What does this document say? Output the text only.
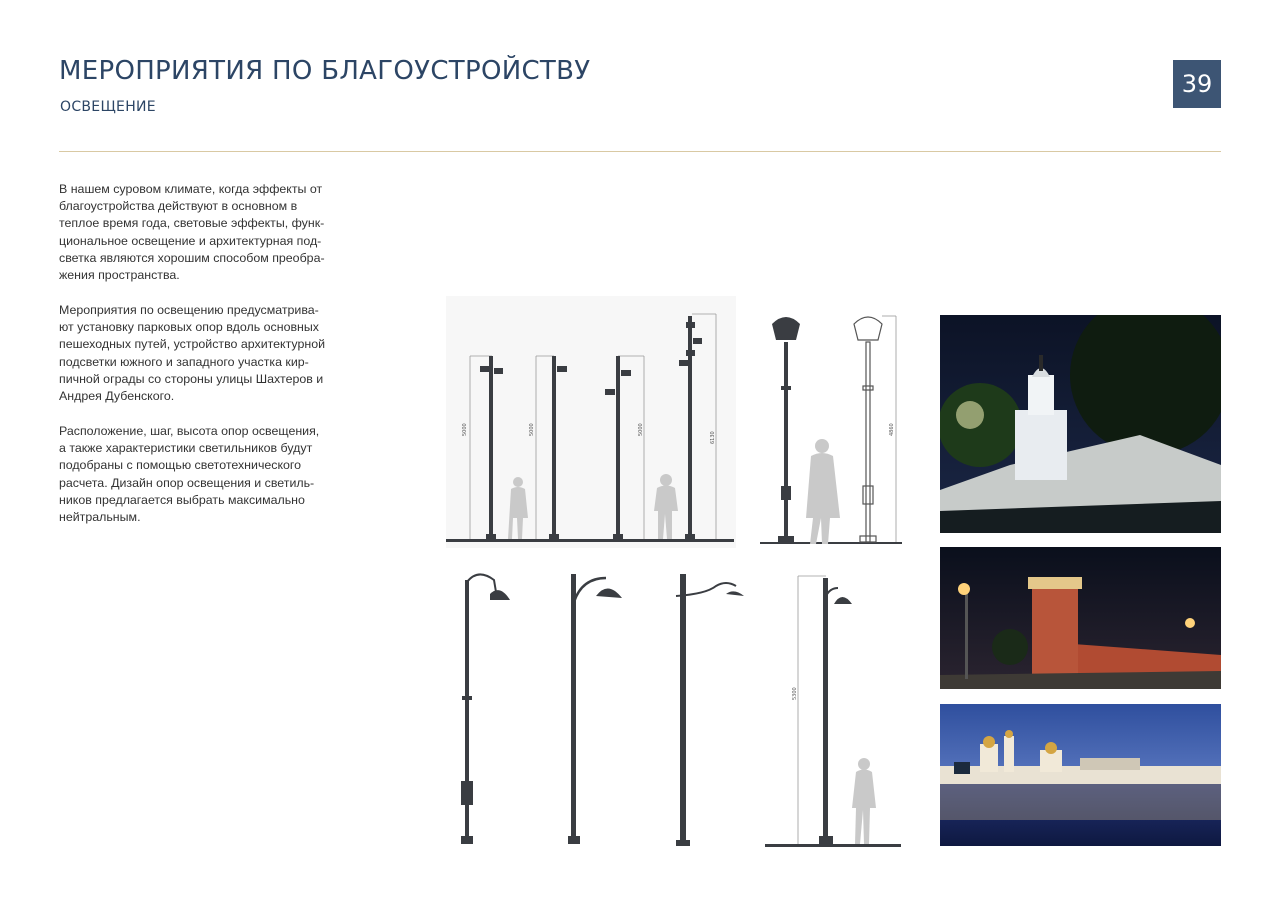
МЕРОПРИЯТИЯ ПО БЛАГОУСТРОЙСТВУ
ОСВЕЩЕНИЕ
39

В нашем суровом климате, когда эффекты от
благоустройства действуют в основном в
теплое время года, световые эффекты, функ-
циональное освещение и архитектурная под-
светка являются хорошим способом преобра-
жения пространства.

Мероприятия по освещению предусматрива-
ют установку парковых опор вдоль основных
пешеходных путей, устройство архитектурной
подсветки южного и западного участка кир-
пичной ограды со стороны улицы Шахтеров и
Андрея Дубенского.

Расположение, шаг, высота опор освещения,
а также характеристики светильников будут
подобраны с помощью светотехнического
расчета. Дизайн опор освещения и светиль-
ников предлагается выбрать максимально
нейтральным.

5000	5000	5000
6130
4860
5300
